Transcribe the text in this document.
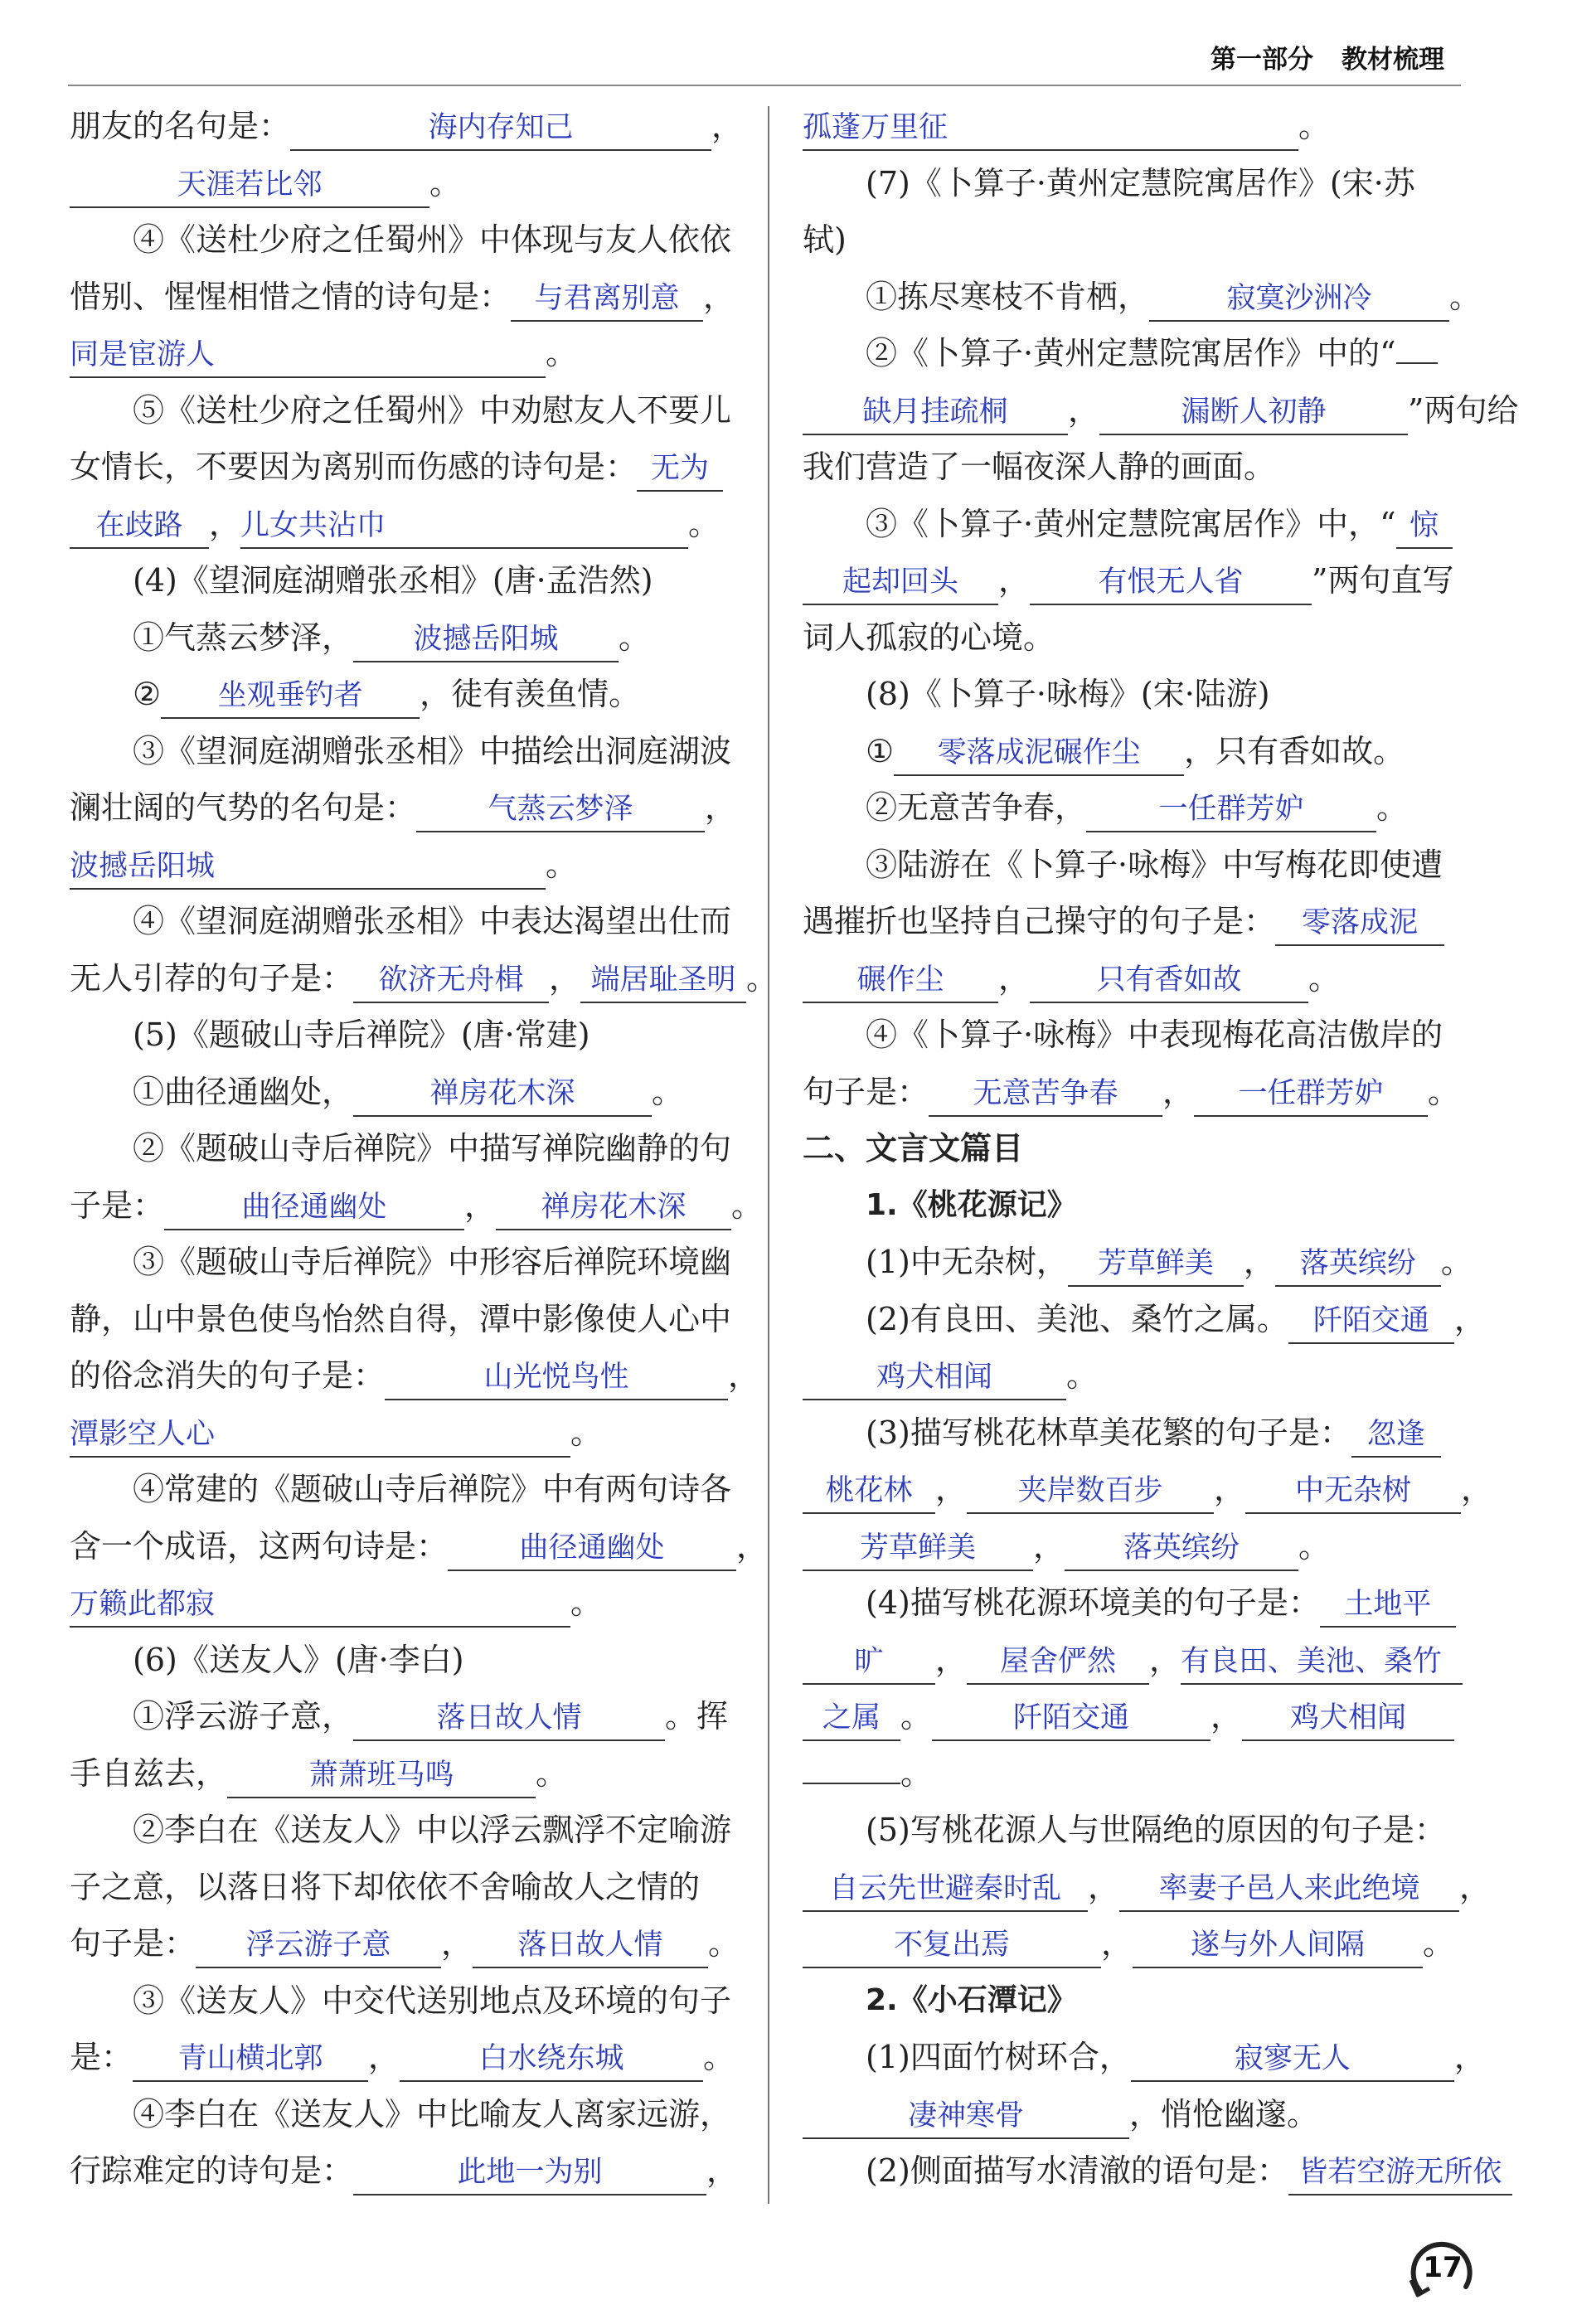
第一部分 教材梳理

朋友的名句是：	海内存知己	，

天涯若比邻	。

④《送杜少府之任蜀州》中体现与友人依依

惜别、惺惺相惜之情的诗句是： 与君离别意 ，

同是宦游人	。

⑤《送杜少府之任蜀州》中劝慰友人不要儿

女情长，不要因为离别而伤感的诗句是： 无为

在歧路 ，儿女共沾巾	。

(4)《望洞庭湖赠张丞相》(唐·孟浩然)

①气蒸云梦泽， 波撼岳阳城 。

② 坐观垂钓者 ，徒有羡鱼情。

③《望洞庭湖赠张丞相》中描绘出洞庭湖波

澜壮阔的气势的名句是： 气蒸云梦泽 ，

波撼岳阳城	。

④《望洞庭湖赠张丞相》中表达渴望出仕而

无人引荐的句子是： 欲济无舟楫 ， 端居耻圣明 。

(5)《题破山寺后禅院》(唐·常建)

①曲径通幽处，	禅房花木深 。

②《题破山寺后禅院》中描写禅院幽静的句

子是：	曲径通幽处 ， 禅房花木深 。

③《题破山寺后禅院》中形容后禅院环境幽

静，山中景色使鸟怡然自得，潭中影像使人心中

的俗念消失的句子是：	山光悦鸟性	，

潭影空人心	。

④常建的《题破山寺后禅院》中有两句诗各

含一个成语，这两句诗是： 曲径通幽处 ，

万籁此都寂	。

(6)《送友人》(唐·李白)

①浮云游子意，	落日故人情	。挥

手自兹去，	萧萧班马鸣	。

②李白在《送友人》中以浮云飘浮不定喻游

子之意，以落日将下却依依不舍喻故人之情的

句子是： 浮云游子意 ， 落日故人情 。

③《送友人》中交代送别地点及环境的句子

是： 青山横北郭 ，	白水绕东城	。

④李白在《送友人》中比喻友人离家远游，

行踪难定的诗句是：	此地一为别	，

孤蓬万里征	。

(7)《卜算子·黄州定慧院寓居作》(宋·苏

轼)

①拣尽寒枝不肯栖，	寂寞沙洲冷 。

②《卜算子·黄州定慧院寓居作》中的“

缺月挂疏桐 ，	漏断人初静	”两句给

我们营造了一幅夜深人静的画面。

③《卜算子·黄州定慧院寓居作》中，“ 惊

起却回头 ， 有恨无人省 ”两句直写

词人孤寂的心境。

(8)《卜算子·咏梅》(宋·陆游)

① 零落成泥碾作尘 ，只有香如故。

②无意苦争春， 一任群芳妒 。

③陆游在《卜算子·咏梅》中写梅花即使遭

遇摧折也坚持自己操守的句子是： 零落成泥

碾作尘 ， 只有香如故 。

④《卜算子·咏梅》中表现梅花高洁傲岸的

句子是： 无意苦争春 ， 一任群芳妒 。

二、文言文篇目

1.《桃花源记》

(1)中无杂树， 芳草鲜美 ， 落英缤纷 。

(2)有良田、美池、桑竹之属。 阡陌交通 ，

鸡犬相闻 。

(3)描写桃花林草美花繁的句子是： 忽逢

桃花林 ， 夹岸数百步 ， 中无杂树 ，

芳草鲜美 ， 落英缤纷 。

(4)描写桃花源环境美的句子是： 土地平

旷 ， 屋舍俨然 ，有良田、美池、桑竹

之属 。	阡陌交通	， 鸡犬相闻

。

(5)写桃花源人与世隔绝的原因的句子是：

自云先世避秦时乱 ， 率妻子邑人来此绝境 ，

不复出焉	， 遂与外人间隔 。

2.《小石潭记》

(1)四面竹树环合，	寂寥无人	，

凄神寒骨	，悄怆幽邃。

(2)侧面描写水清澈的语句是： 皆若空游无所依

17
